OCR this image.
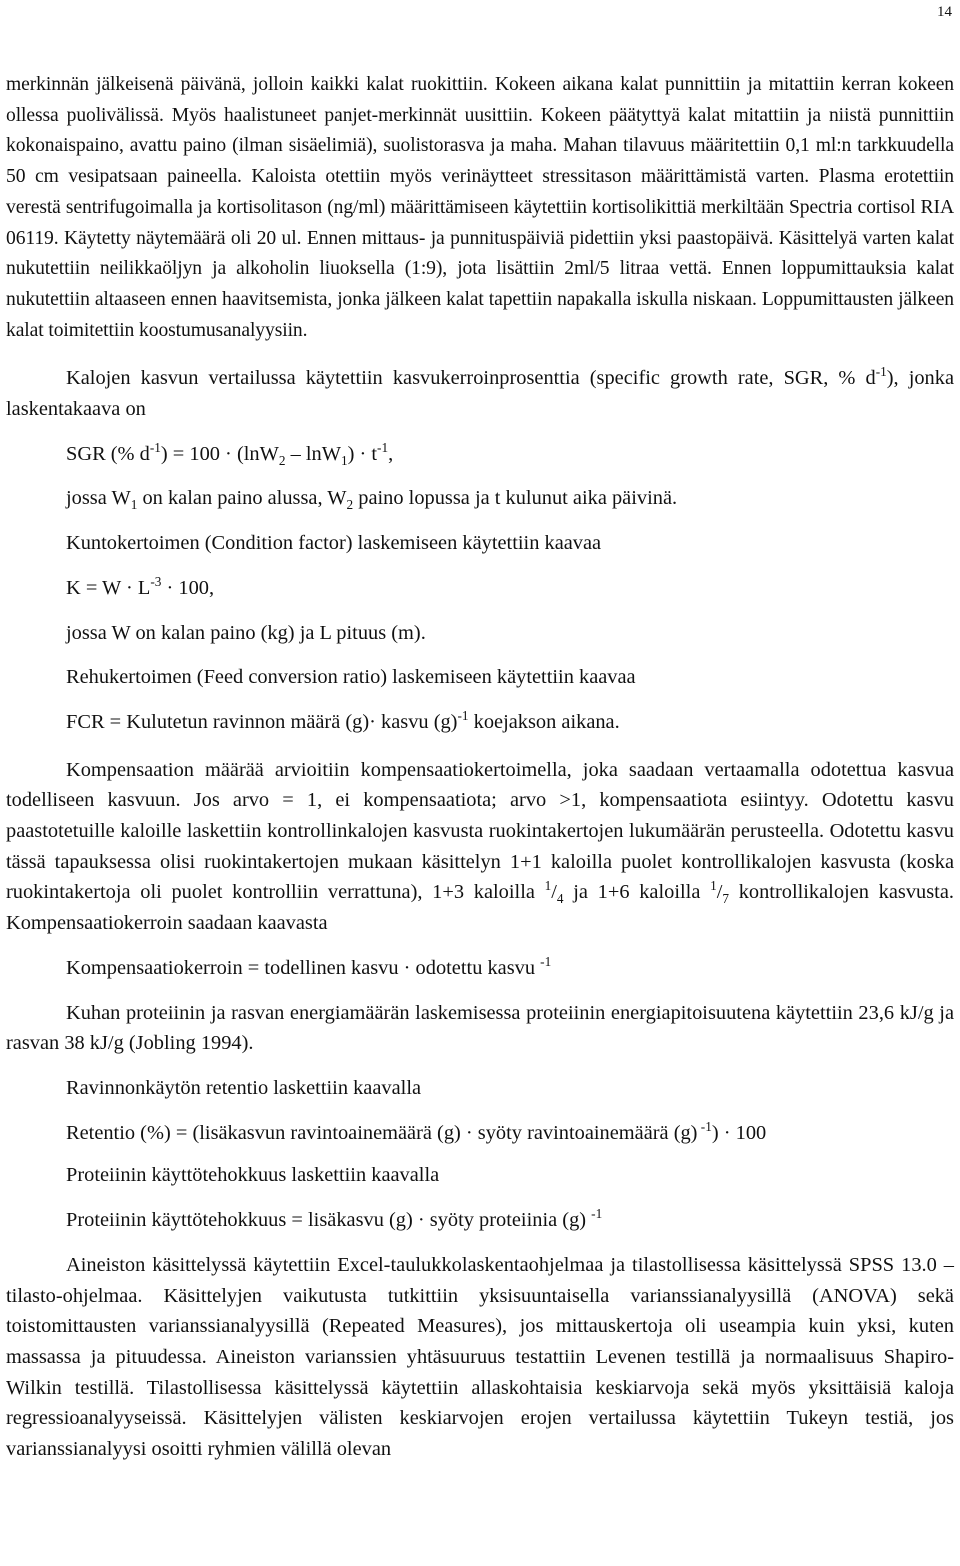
14

merkinnän jälkeisenä päivänä, jolloin kaikki kalat ruokittiin. Kokeen aikana kalat punnittiin ja mitattiin kerran kokeen ollessa puolivälissä. Myös haalistuneet panjet-merkinnät uusittiin. Kokeen päätyttyä kalat mitattiin ja niistä punnittiin kokonaispaino, avattu paino (ilman sisäelimiä), suolistorasva ja maha. Mahan tilavuus määritettiin 0,1 ml:n tarkkuudella 50 cm vesipatsaan paineella. Kaloista otettiin myös verinäytteet stressitason määrittämistä varten. Plasma erotettiin verestä sentrifugoimalla ja kortisolitason (ng/ml) määrittämiseen käytettiin kortisolikittiä merkiltään Spectria cortisol RIA 06119. Käytetty näytemäärä oli 20 ul. Ennen mittaus- ja punnituspäiviä pidettiin yksi paastopäivä. Käsittelyä varten kalat nukutettiin neilikkaöljyn ja alkoholin liuoksella (1:9), jota lisättiin 2ml/5 litraa vettä. Ennen loppumittauksia kalat nukutettiin altaaseen ennen haavitsemista, jonka jälkeen kalat tapettiin napakalla iskulla niskaan. Loppumittausten jälkeen kalat toimitettiin koostumusanalyysiin.

Kalojen kasvun vertailussa käytettiin kasvukerroinprosenttia (specific growth rate, SGR, % $d^{-1}$), jonka laskentakaava on

SGR (% $d^{-1}) = 100 \cdot (\ln W_2 - \ln W_1) \cdot t^{-1}$,

jossa $W_1$ on kalan paino alussa, $W_2$ paino lopussa ja t kulunut aika päivinä.

Kuntokertoimen (Condition factor) laskemiseen käytettiin kaavaa

$K = W \cdot L^{-3} \cdot 100$,

jossa W on kalan paino (kg) ja L pituus (m).

Rehukertoimen (Feed conversion ratio) laskemiseen käytettiin kaavaa

FCR = Kulutetun ravinnon määrä (g)· kasvu $(g)^{-1}$ koejakson aikana.

Kompensaation määrää arvioitiin kompensaatiokertoimella, joka saadaan vertaamalla odotettua kasvua todelliseen kasvuun. Jos arvo = 1, ei kompensaatiota; arvo >1, kompensaatiota esiintyy. Odotettu kasvu paastotetuille kaloille laskettiin kontrollinkalojen kasvusta ruokintakertojen lukumäärän perusteella. Odotettu kasvu tässä tapauksessa olisi ruokintakertojen mukaan käsittelyn 1+1 kaloilla puolet kontrollikalojen kasvusta (koska ruokintakertoja oli puolet kontrolliin verrattuna), 1+3 kaloilla $^1/_4$ ja 1+6 kaloilla $^1/_7$ kontrollikalojen kasvusta. Kompensaatiokerroin saadaan kaavasta

Kompensaatiokerroin = todellinen kasvu · odotettu kasvu $^{-1}$

Kuhan proteiinin ja rasvan energiamäärän laskemisessa proteiinin energiapitoisuutena käytettiin 23,6 kJ/g ja rasvan 38 kJ/g (Jobling 1994).

Ravinnonkäytön retentio laskettiin kaavalla

Retentio (%) = (lisäkasvun ravintoainemäärä (g) · syöty ravintoainemäärä (g) $^{-1}$) · 100

Proteiinin käyttötehokkuus laskettiin kaavalla

Proteiinin käyttötehokkuus = lisäkasvu (g) · syöty proteiinia (g) $^{-1}$

Aineiston käsittelyssä käytettiin Excel-taulukkolaskentaohjelmaa ja tilastollisessa käsittelyssä SPSS 13.0 – tilasto-ohjelmaa. Käsittelyjen vaikutusta tutkittiin yksisuuntaisella varianssianalyysillä (ANOVA) sekä toistomittausten varianssianalyysillä (Repeated Measures), jos mittauskertoja oli useampia kuin yksi, kuten massassa ja pituudessa. Aineiston varianssien yhtäsuuruus testattiin Levenen testillä ja normaalisuus Shapiro-Wilkin testillä. Tilastollisessa käsittelyssä käytettiin allaskohtaisia keskiarvoja sekä myös yksittäisiä kaloja regressioanalyyseissä. Käsittelyjen välisten keskiarvojen erojen vertailussa käytettiin Tukeyn testiä, jos varianssianalyysi osoitti ryhmien välillä olevan
